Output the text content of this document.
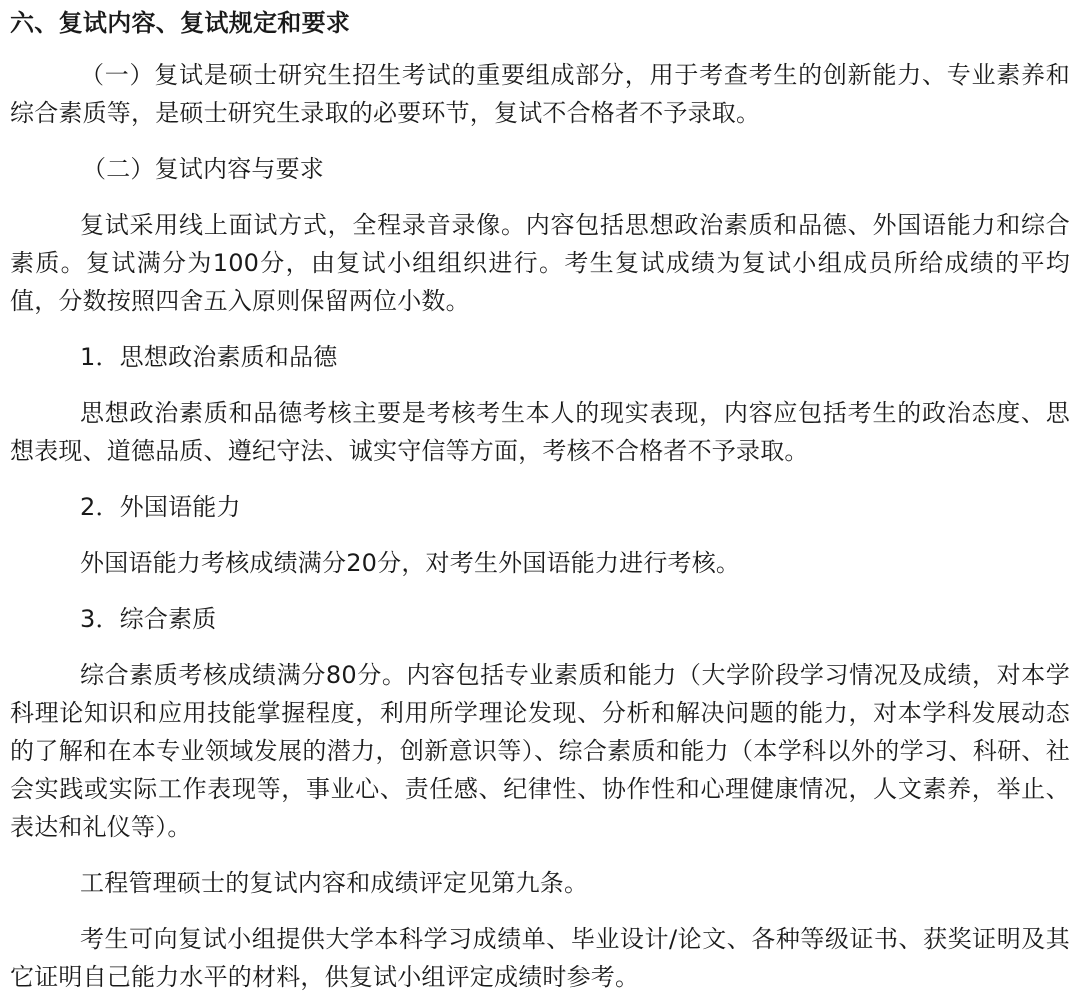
六、复试内容、复试规定和要求

（一）复试是硕士研究生招生考试的重要组成部分，用于考查考生的创新能力、专业素养和综合素质等，是硕士研究生录取的必要环节，复试不合格者不予录取。

（二）复试内容与要求

复试采用线上面试方式，全程录音录像。内容包括思想政治素质和品德、外国语能力和综合素质。复试满分为100分，由复试小组组织进行。考生复试成绩为复试小组成员所给成绩的平均值，分数按照四舍五入原则保留两位小数。

1．思想政治素质和品德

思想政治素质和品德考核主要是考核考生本人的现实表现，内容应包括考生的政治态度、思想表现、道德品质、遵纪守法、诚实守信等方面，考核不合格者不予录取。

2．外国语能力

外国语能力考核成绩满分20分，对考生外国语能力进行考核。

3．综合素质

综合素质考核成绩满分80分。内容包括专业素质和能力（大学阶段学习情况及成绩，对本学科理论知识和应用技能掌握程度，利用所学理论发现、分析和解决问题的能力，对本学科发展动态的了解和在本专业领域发展的潜力，创新意识等）、综合素质和能力（本学科以外的学习、科研、社会实践或实际工作表现等，事业心、责任感、纪律性、协作性和心理健康情况，人文素养，举止、表达和礼仪等）。

工程管理硕士的复试内容和成绩评定见第九条。

考生可向复试小组提供大学本科学习成绩单、毕业设计/论文、各种等级证书、获奖证明及其它证明自己能力水平的材料，供复试小组评定成绩时参考。
